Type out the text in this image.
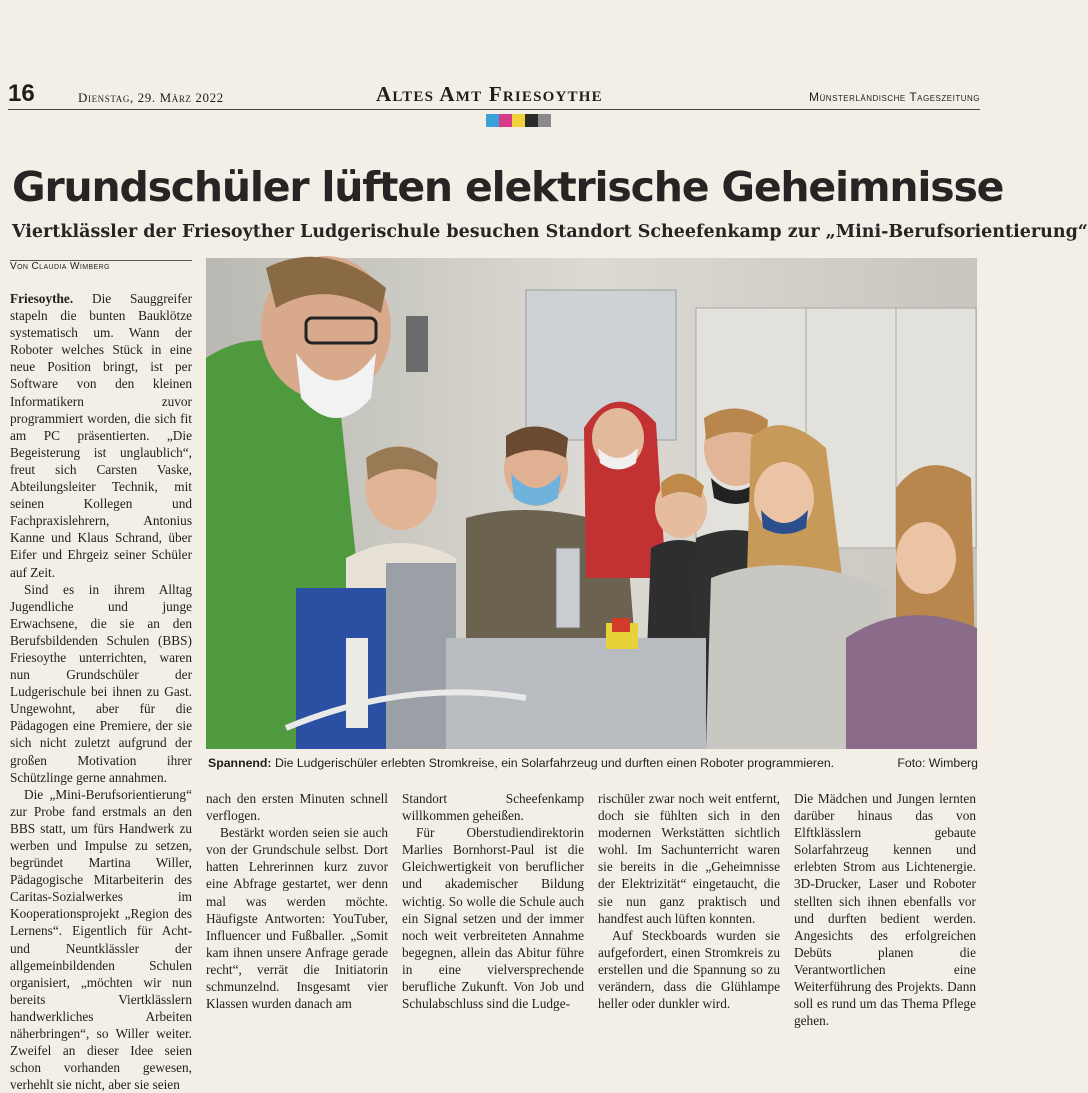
16	Dienstag, 29. März 2022	Altes Amt Friesoythe	Münsterländische Tageszeitung
Grundschüler lüften elektrische Geheimnisse
Viertklässler der Friesoyther Ludgerischule besuchen Standort Scheefenkamp zur „Mini-Berufsorientierung“
Von Claudia Wimberg

Friesoythe. Die Sauggreifer stapeln die bunten Bauklötze systematisch um. Wann der Roboter welches Stück in eine neue Position bringt, ist per Software von den kleinen Informatikern zuvor programmiert worden, die sich fit am PC präsentierten. „Die Begeisterung ist unglaublich“, freut sich Carsten Vaske, Abteilungsleiter Technik, mit seinen Kollegen und Fachpraxislehrern, Antonius Kanne und Klaus Schrand, über Eifer und Ehrgeiz seiner Schüler auf Zeit.

Sind es in ihrem Alltag Jugendliche und junge Erwachsene, die sie an den Berufsbildenden Schulen (BBS) Friesoythe unterrichten, waren nun Grundschüler der Ludgerischule bei ihnen zu Gast. Ungewohnt, aber für die Pädagogen eine Premiere, der sie sich nicht zuletzt aufgrund der großen Motivation ihrer Schützlinge gerne annahmen.

Die „Mini-Berufsorientierung“ zur Probe fand erstmals an den BBS statt, um fürs Handwerk zu werben und Impulse zu setzen, begründet Martina Willer, Pädagogische Mitarbeiterin des Caritas-Sozialwerkes im Kooperationsprojekt „Region des Lernens“. Eigentlich für Acht- und Neuntklässler der allgemeinbildenden Schulen organisiert, „möchten wir nun bereits Viertklässlern handwerkliches Arbeiten näherbringen“, so Willer weiter. Zweifel an dieser Idee seien schon vorhanden gewesen, verhehlt sie nicht, aber sie seien

Spannend: Die Ludgerischüler erlebten Stromkreise, ein Solarfahrzeug und durften einen Roboter programmieren.	Foto: Wimberg

nach den ersten Minuten schnell verflogen.

Bestärkt worden seien sie auch von der Grundschule selbst. Dort hatten Lehrerinnen kurz zuvor eine Abfrage gestartet, wer denn mal was werden möchte. Häufigste Antworten: YouTuber, Influencer und Fußballer. „Somit kam ihnen unsere Anfrage gerade recht“, verrät die Initiatorin schmunzelnd. Insgesamt vier Klassen wurden danach am

Standort Scheefenkamp willkommen geheißen.

Für Oberstudiendirektorin Marlies Bornhorst-Paul ist die Gleichwertigkeit von beruflicher und akademischer Bildung wichtig. So wolle die Schule auch ein Signal setzen und der immer noch weit verbreiteten Annahme begegnen, allein das Abitur führe in eine vielversprechende berufliche Zukunft. Von Job und Schulabschluss sind die Ludge-

rischüler zwar noch weit entfernt, doch sie fühlten sich in den modernen Werkstätten sichtlich wohl. Im Sachunterricht waren sie bereits in die „Geheimnisse der Elektrizität“ eingetaucht, die sie nun ganz praktisch und handfest auch lüften konnten.

Auf Steckboards wurden sie aufgefordert, einen Stromkreis zu erstellen und die Spannung so zu verändern, dass die Glühlampe heller oder dunkler wird.

Die Mädchen und Jungen lernten darüber hinaus das von Elftklässlern gebaute Solarfahrzeug kennen und erlebten Strom aus Lichtenergie. 3D-Drucker, Laser und Roboter stellten sich ihnen ebenfalls vor und durften bedient werden. Angesichts des erfolgreichen Debüts planen die Verantwortlichen eine Weiterführung des Projekts. Dann soll es rund um das Thema Pflege gehen.
